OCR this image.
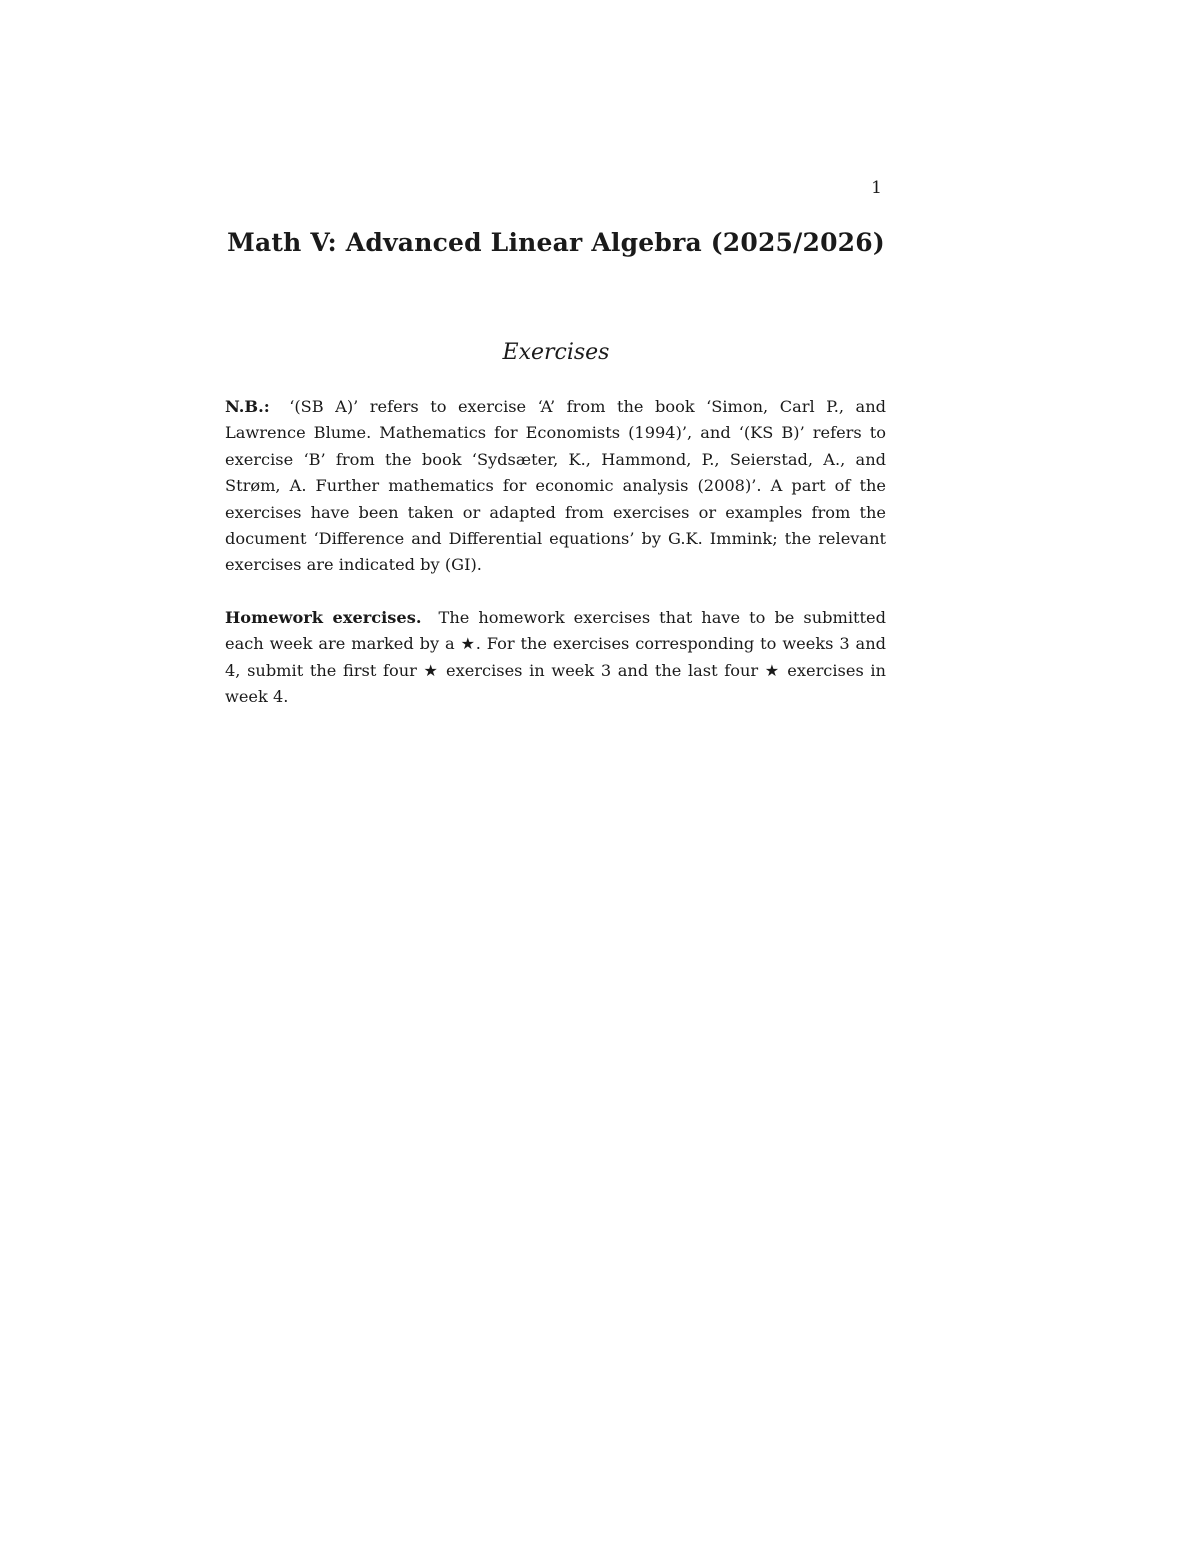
1
Math V: Advanced Linear Algebra (2025/2026)
Exercises

N.B.: ‘(SB A)’ refers to exercise ‘A’ from the book ‘Simon, Carl P., and Lawrence Blume. Mathematics for Economists (1994)’, and ‘(KS B)’ refers to exercise ‘B’ from the book ‘Sydsæter, K., Hammond, P., Seierstad, A., and Strøm, A. Further mathematics for economic analysis (2008)’. A part of the exercises have been taken or adapted from exercises or examples from the document ‘Difference and Differential equations’ by G.K. Immink; the relevant exercises are indicated by (GI).

Homework exercises. The homework exercises that have to be submitted each week are marked by a ★. For the exercises corresponding to weeks 3 and 4, submit the first four ★ exercises in week 3 and the last four ★ exercises in week 4.
